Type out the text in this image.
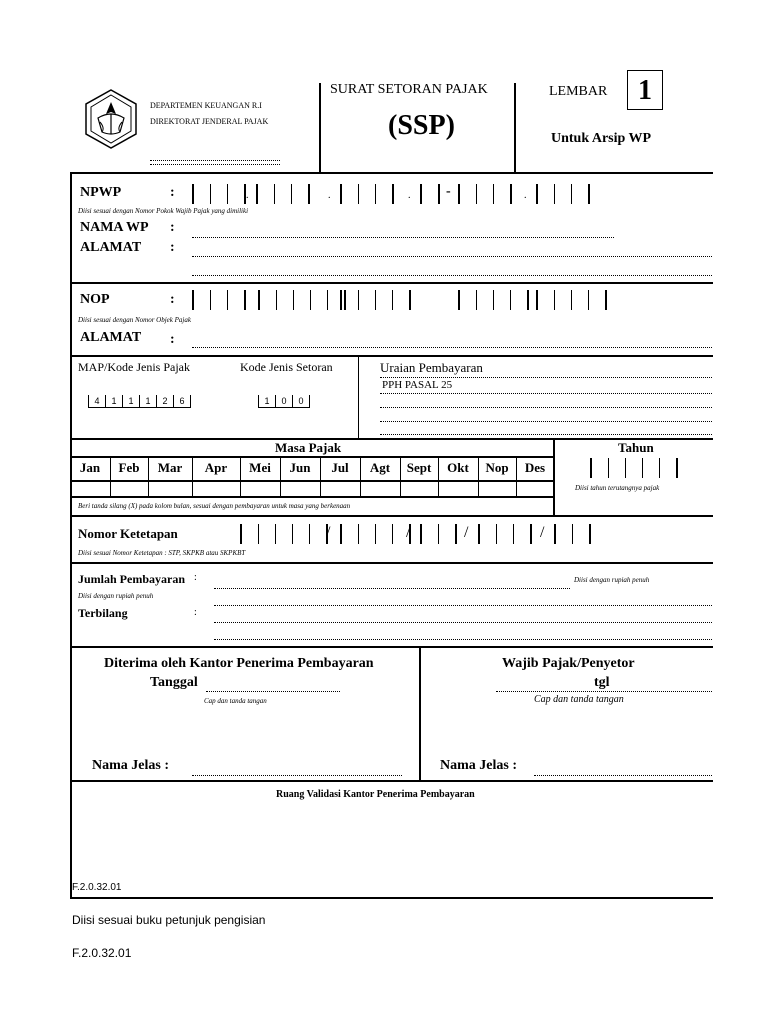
DEPARTEMEN KEUANGAN R.I
DIREKTORAT JENDERAL PAJAK
SURAT SETORAN PAJAK
(SSP)
LEMBAR	1
Untuk Arsip WP
NPWP	:	.	.	.	-	.
Diisi sesuai dengan Nomor Pokok Wajib Pajak yang dimiliki
NAMA WP :
ALAMAT :
NOP	:
Diisi sesuai dengan Nomor Objek Pajak
ALAMAT :
MAP/Kode Jenis Pajak	Kode Jenis Setoran
4	1	1	1	2	6	1	0	0
Uraian Pembayaran
PPH PASAL 25
Masa Pajak	Tahun
Jan	Feb	Mar	Apr	Mei	Jun	Jul	Agt	Sept	Okt	Nop	Des
Beri tanda silang (X) pada kolom bulan, sesuai dengan pembayaran untuk masa yang berkenaan
Diisi tahun terutangnya pajak
Nomor Ketetapan	/	/	/	/
Diisi sesuai Nomor Ketetapan : STP, SKPKB atau SKPKBT
Jumlah Pembayaran :	Diisi dengan rupiah penuh
Diisi dengan rupiah penuh
Terbilang	:
Diterima oleh Kantor Penerima Pembayaran
Tanggal
Cap dan tanda tangan
Nama Jelas :
Wajib Pajak/Penyetor
tgl
Cap dan tanda tangan
Nama Jelas :
Ruang Validasi Kantor Penerima Pembayaran
F.2.0.32.01
Diisi sesuai buku petunjuk pengisian
F.2.0.32.01
